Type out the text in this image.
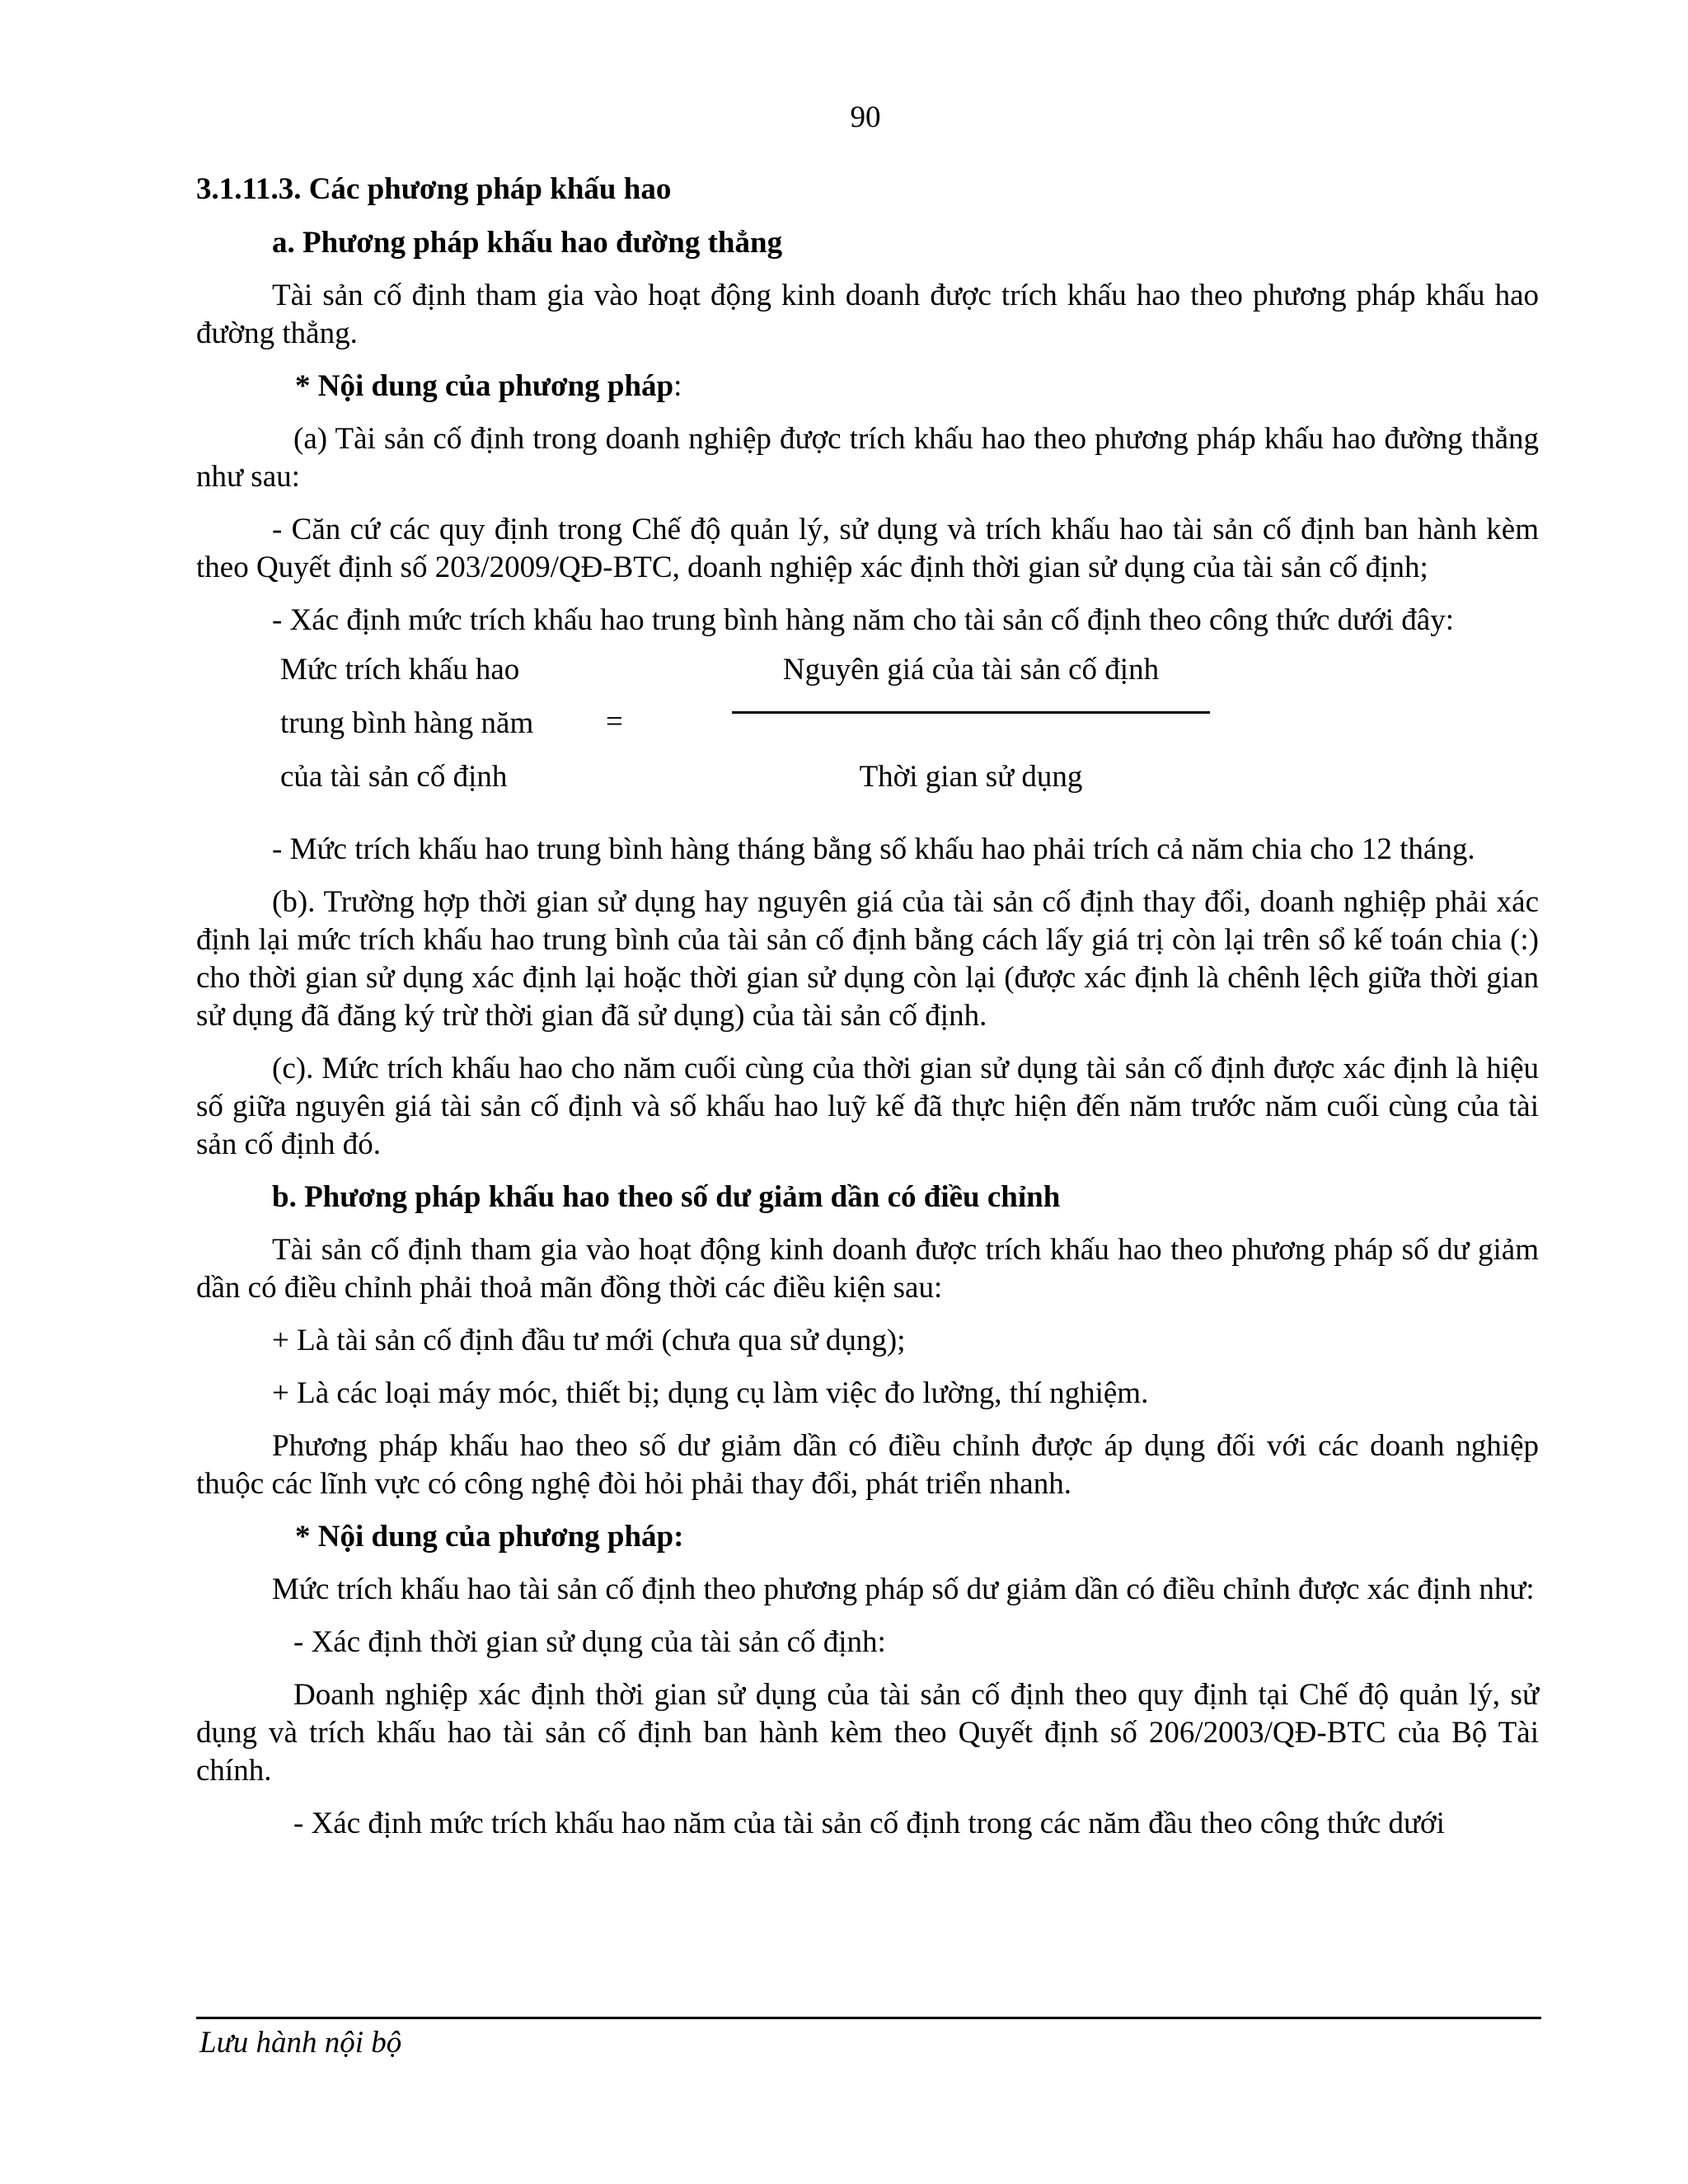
90

3.1.11.3. Các phương pháp khấu hao

a. Phương pháp khấu hao đường thẳng

Tài sản cố định tham gia vào hoạt động kinh doanh được trích khấu hao theo phương pháp khấu hao đường thẳng.

* Nội dung của phương pháp:

(a) Tài sản cố định trong doanh nghiệp được trích khấu hao theo phương pháp khấu hao đường thẳng như sau:

- Căn cứ các quy định trong Chế độ quản lý, sử dụng và trích khấu hao tài sản cố định ban hành kèm theo Quyết định số 203/2009/QĐ-BTC, doanh nghiệp xác định thời gian sử dụng của tài sản cố định;

- Xác định mức trích khấu hao trung bình hàng năm cho tài sản cố định theo công thức dưới đây:

Mức trích khấu hao
trung bình hàng năm
của tài sản cố định
=
Nguyên giá của tài sản cố định
Thời gian sử dụng

- Mức trích khấu hao trung bình hàng tháng bằng số khấu hao phải trích cả năm chia cho 12 tháng.

(b). Trường hợp thời gian sử dụng hay nguyên giá của tài sản cố định thay đổi, doanh nghiệp phải xác định lại mức trích khấu hao trung bình của tài sản cố định bằng cách lấy giá trị còn lại trên sổ kế toán chia (:) cho thời gian sử dụng xác định lại hoặc thời gian sử dụng còn lại (được xác định là chênh lệch giữa thời gian sử dụng đã đăng ký trừ thời gian đã sử dụng) của tài sản cố định.

(c). Mức trích khấu hao cho năm cuối cùng của thời gian sử dụng tài sản cố định được xác định là hiệu số giữa nguyên giá tài sản cố định và số khấu hao luỹ kế đã thực hiện đến năm trước năm cuối cùng của tài sản cố định đó.

b. Phương pháp khấu hao theo số dư giảm dần có điều chỉnh

Tài sản cố định tham gia vào hoạt động kinh doanh được trích khấu hao theo phương pháp số dư giảm dần có điều chỉnh phải thoả mãn đồng thời các điều kiện sau:

+ Là tài sản cố định đầu tư mới (chưa qua sử dụng);

+ Là các loại máy móc, thiết bị; dụng cụ làm việc đo lường, thí nghiệm.

Phương pháp khấu hao theo số dư giảm dần có điều chỉnh được áp dụng đối với các doanh nghiệp thuộc các lĩnh vực có công nghệ đòi hỏi phải thay đổi, phát triển nhanh.

* Nội dung của phương pháp:

Mức trích khấu hao tài sản cố định theo phương pháp số dư giảm dần có điều chỉnh được xác định như:

- Xác định thời gian sử dụng của tài sản cố định:

Doanh nghiệp xác định thời gian sử dụng của tài sản cố định theo quy định tại Chế độ quản lý, sử dụng và trích khấu hao tài sản cố định ban hành kèm theo Quyết định số 206/2003/QĐ-BTC của Bộ Tài chính.

- Xác định mức trích khấu hao năm của tài sản cố định trong các năm đầu theo công thức dưới

Lưu hành nội bộ
